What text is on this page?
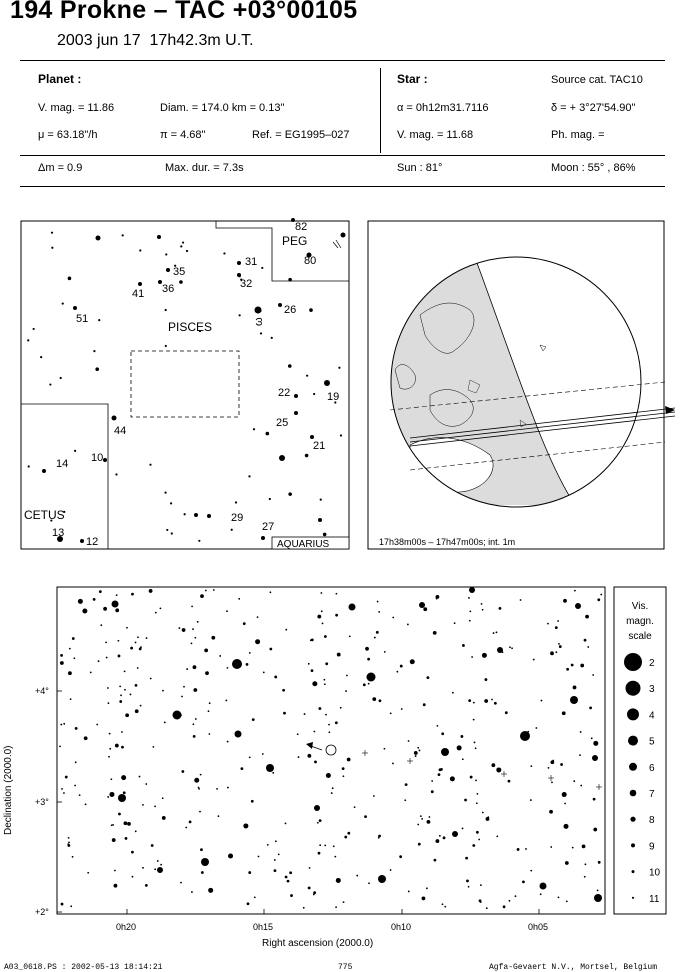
194 Prokne – TAC +03°00105
2003 jun 17 17h42.3m U.T.
Planet :
V. mag. = 11.86	Diam. = 174.0 km = 0.13"
μ = 63.18"/h	π = 4.68"	Ref. = EG1995–027
Δm = 0.9	Max. dur. = 7.3s
Star :	Source cat. TAC10
α = 0h12m31.7116	δ = + 3°27'54.90"
V. mag. = 11.68	Ph. mag. =
Sun : 81°	Moon : 55° , 86%
PISCES
CETUS
PEG
AQUARIUS
82
80
31
32
35
36
41
26
51
22	19
25
21
44
10
14
13
12
29
27
ω
17h38m00s – 17h47m00s; int. 1m
+4°
+3°
+2°
0h20	0h15	0h10	0h05
Right ascension (2000.0)
Declination (2000.0)
Vis.
magn.
scale
2
3
4
5
6
7
8
9
10
11
A03_0618.PS : 2002-05-13 18:14:21	775	Agfa-Gevaert N.V., Mortsel, Belgium
